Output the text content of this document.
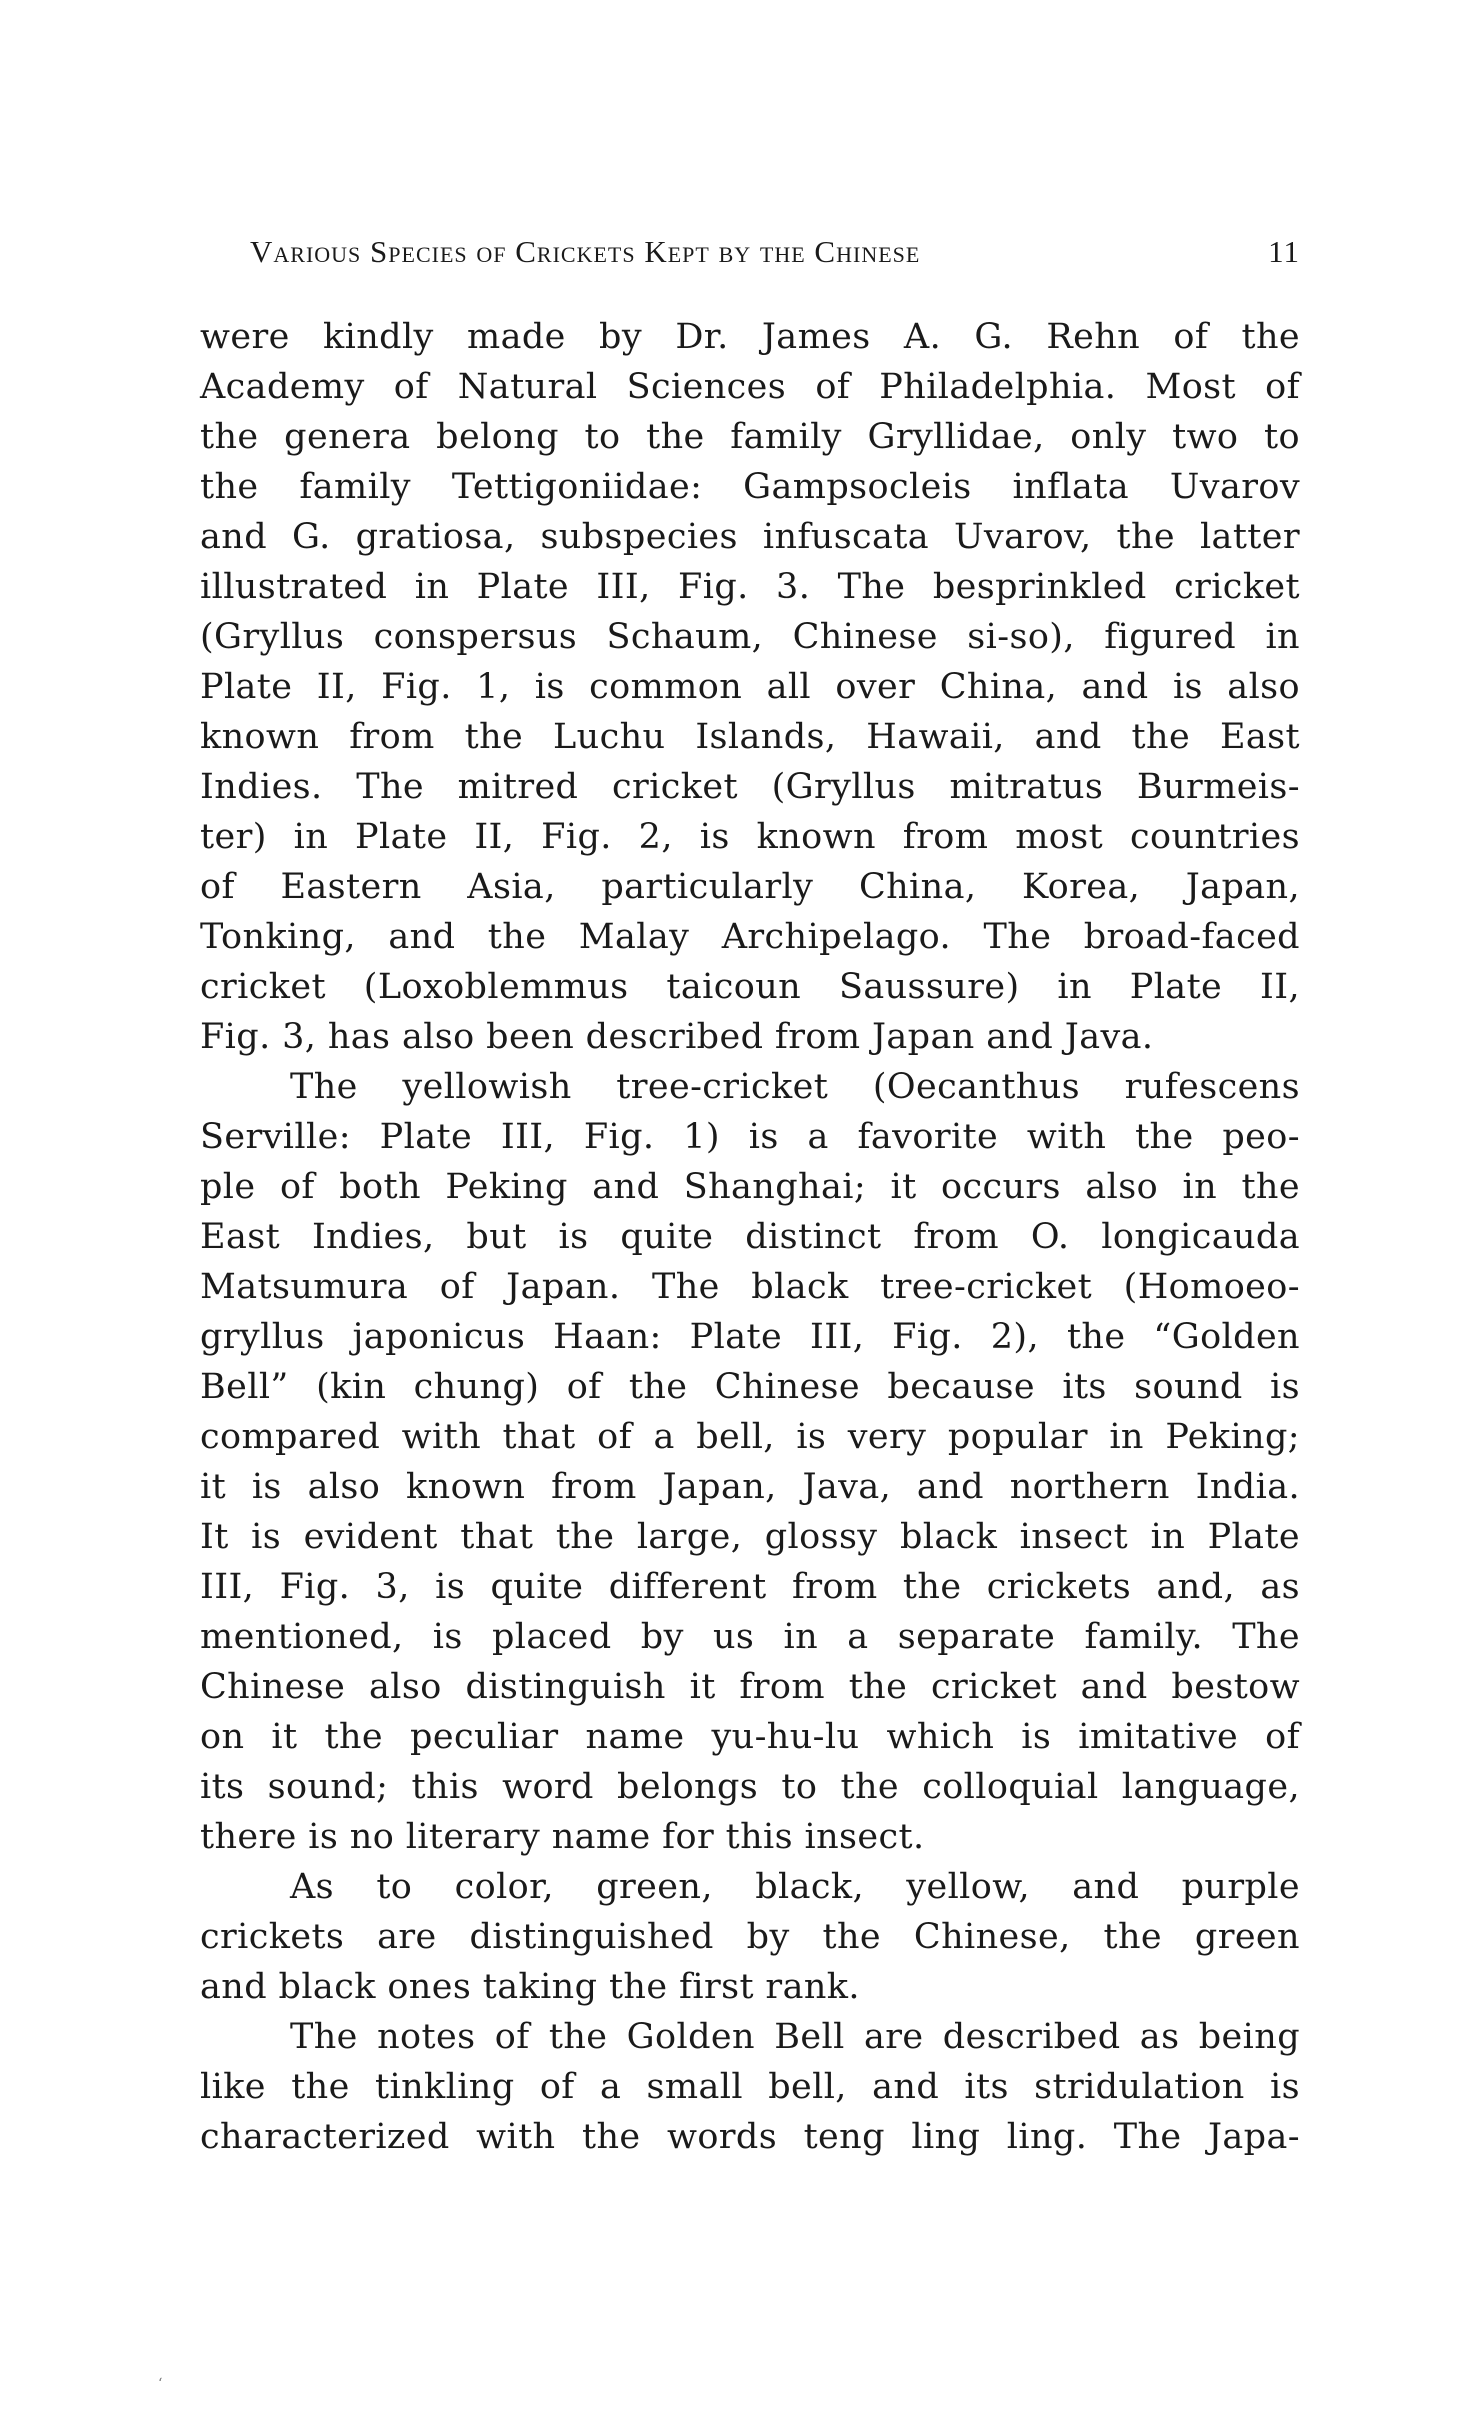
Various Species of Crickets Kept by the Chinese	11
were kindly made by Dr. James A. G. Rehn of the
Academy of Natural Sciences of Philadelphia. Most of
the genera belong to the family Gryllidae, only two to
the family Tettigoniidae: Gampsocleis inflata Uvarov
and G. gratiosa, subspecies infuscata Uvarov, the latter
illustrated in Plate III, Fig. 3. The besprinkled cricket
(Gryllus conspersus Schaum, Chinese si-so), figured in
Plate II, Fig. 1, is common all over China, and is also
known from the Luchu Islands, Hawaii, and the East
Indies. The mitred cricket (Gryllus mitratus Burmeis-
ter) in Plate II, Fig. 2, is known from most countries
of Eastern Asia, particularly China, Korea, Japan,
Tonking, and the Malay Archipelago. The broad-faced
cricket (Loxoblemmus taicoun Saussure) in Plate II,
Fig. 3, has also been described from Japan and Java.
The yellowish tree-cricket (Oecanthus rufescens
Serville: Plate III, Fig. 1) is a favorite with the peo-
ple of both Peking and Shanghai; it occurs also in the
East Indies, but is quite distinct from O. longicauda
Matsumura of Japan. The black tree-cricket (Homoeo-
gryllus japonicus Haan: Plate III, Fig. 2), the “Golden
Bell” (kin chung) of the Chinese because its sound is
compared with that of a bell, is very popular in Peking;
it is also known from Japan, Java, and northern India.
It is evident that the large, glossy black insect in Plate
III, Fig. 3, is quite different from the crickets and, as
mentioned, is placed by us in a separate family. The
Chinese also distinguish it from the cricket and bestow
on it the peculiar name yu-hu-lu which is imitative of
its sound; this word belongs to the colloquial language,
there is no literary name for this insect.
As to color, green, black, yellow, and purple
crickets are distinguished by the Chinese, the green
and black ones taking the first rank.
The notes of the Golden Bell are described as being
like the tinkling of a small bell, and its stridulation is
characterized with the words teng ling ling. The Japa-
‘
